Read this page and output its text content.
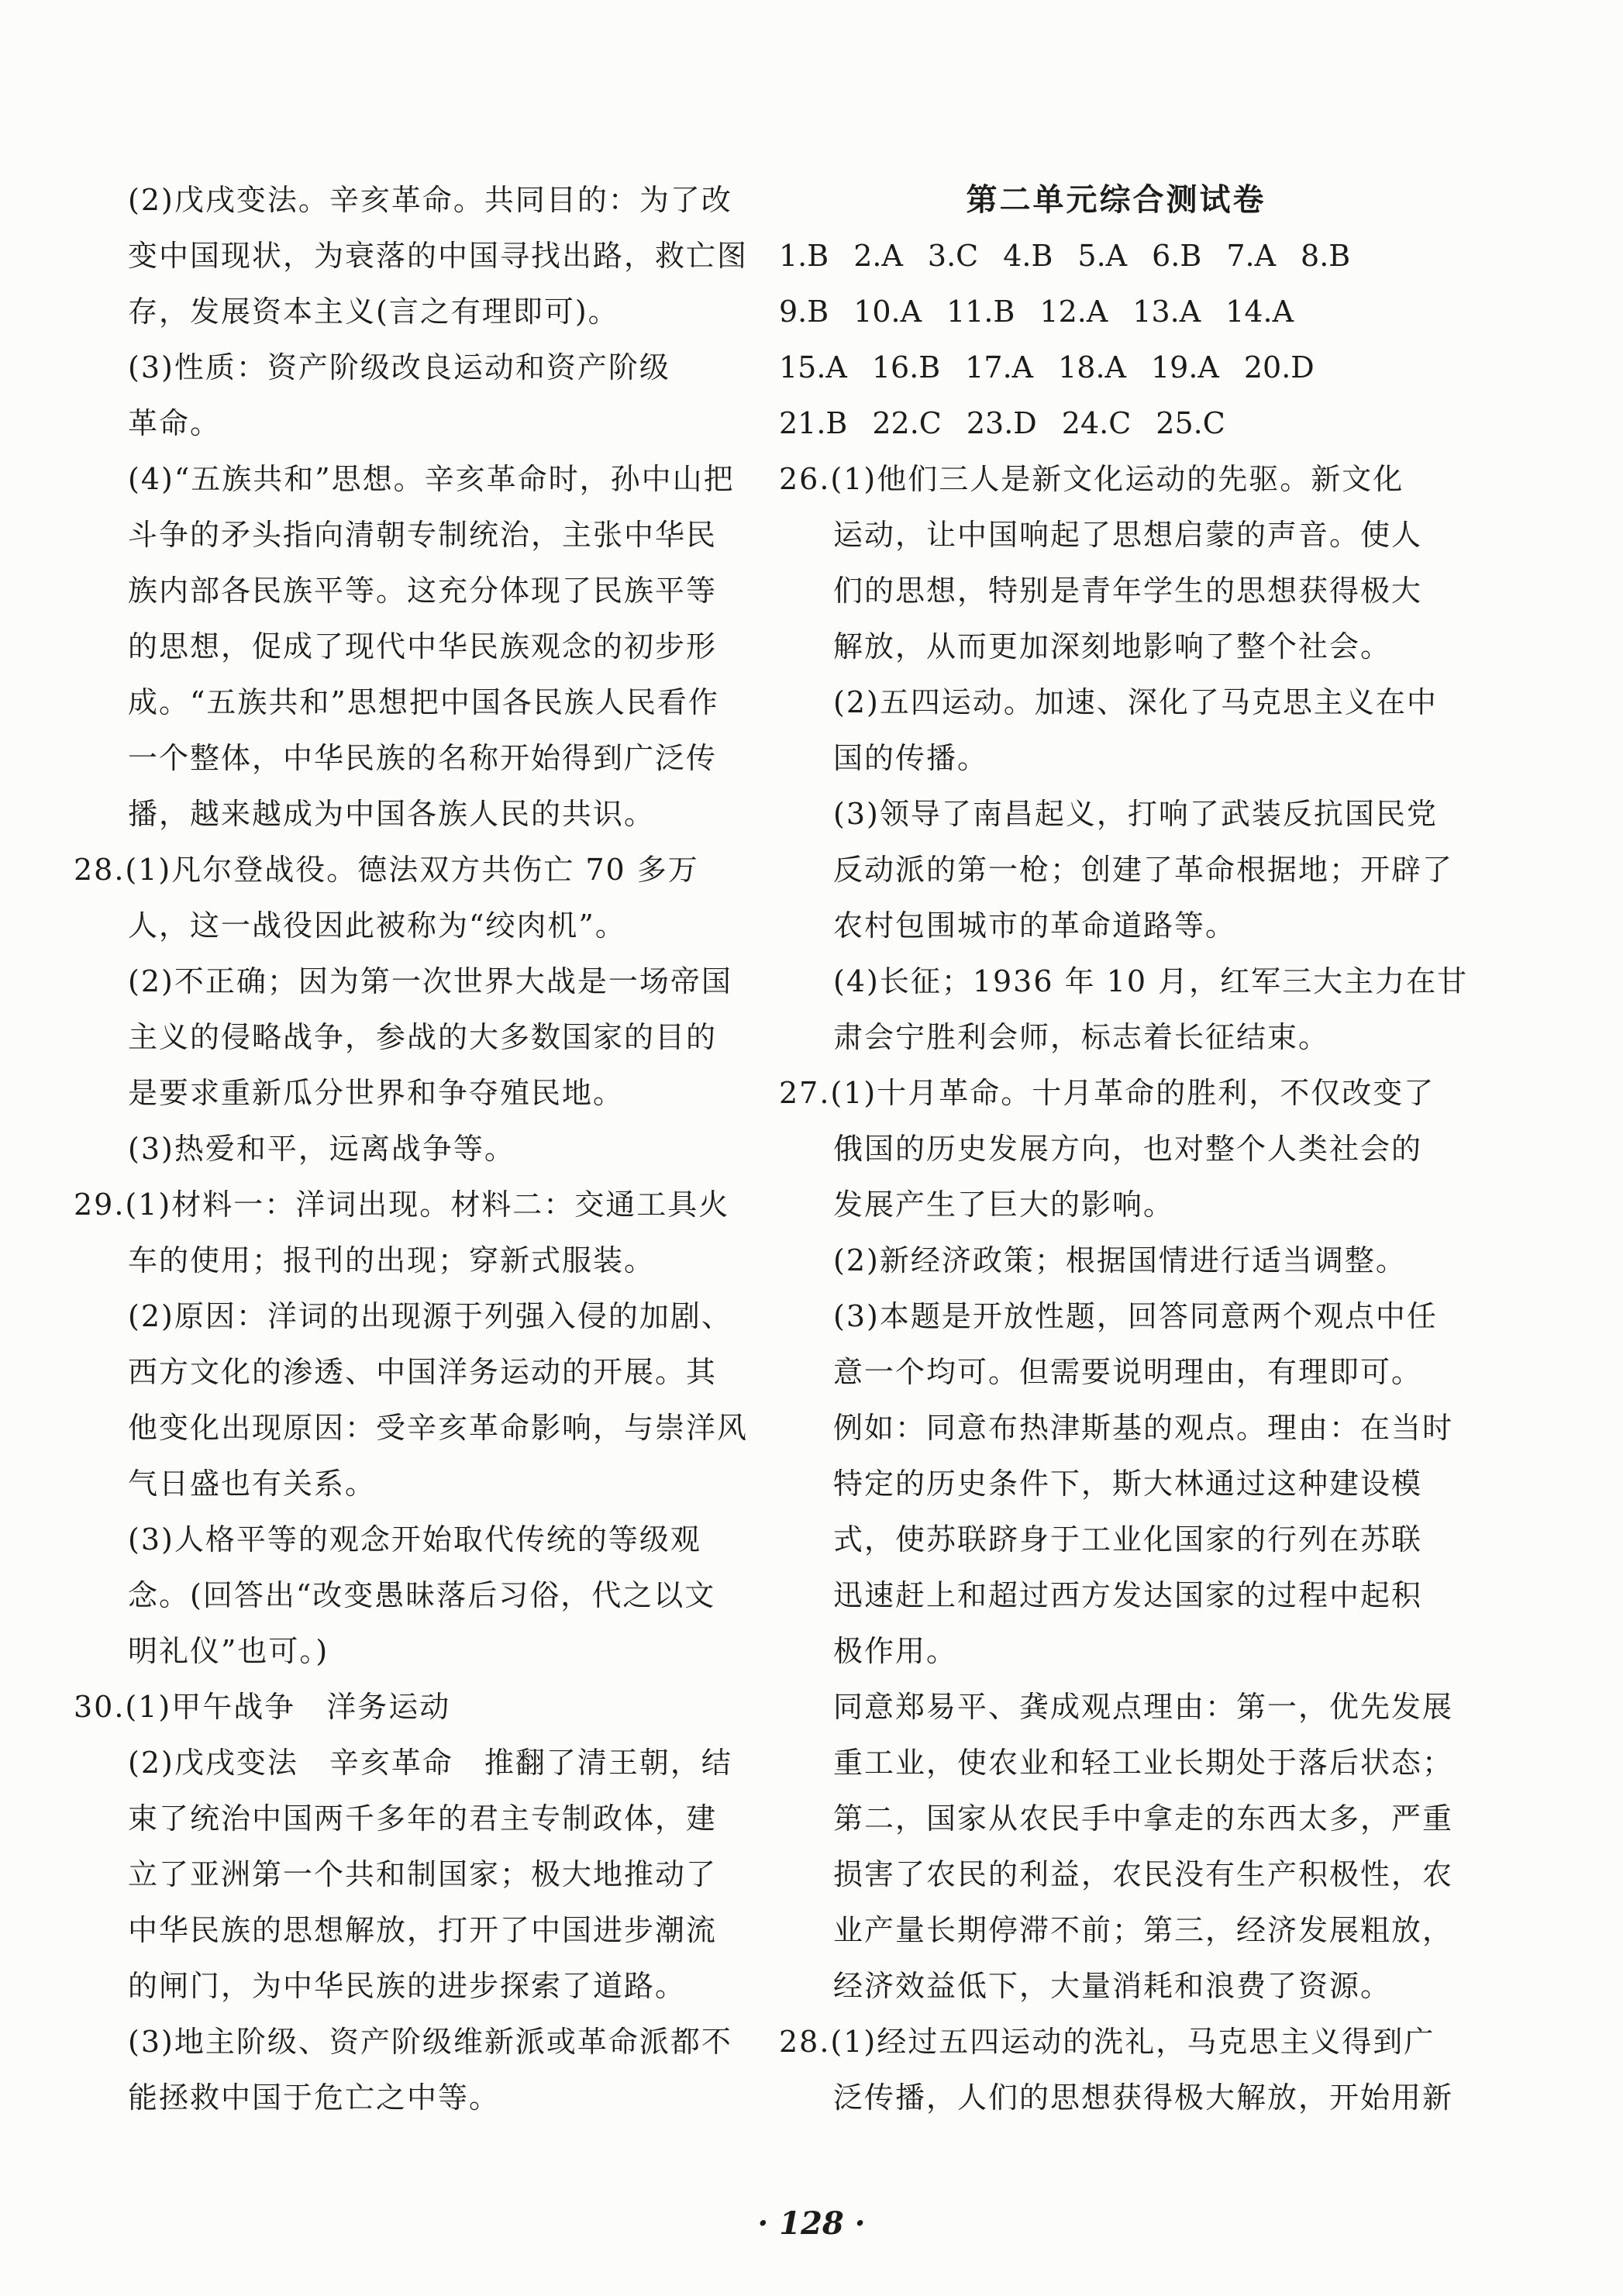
(2)戊戌变法。辛亥革命。共同目的：为了改
变中国现状，为衰落的中国寻找出路，救亡图
存，发展资本主义(言之有理即可)。
(3)性质：资产阶级改良运动和资产阶级
革命。
(4)“五族共和”思想。辛亥革命时，孙中山把
斗争的矛头指向清朝专制统治，主张中华民
族内部各民族平等。这充分体现了民族平等
的思想，促成了现代中华民族观念的初步形
成。“五族共和”思想把中国各民族人民看作
一个整体，中华民族的名称开始得到广泛传
播，越来越成为中国各族人民的共识。
28.(1)凡尔登战役。德法双方共伤亡 70 多万
人，这一战役因此被称为“绞肉机”。
(2)不正确；因为第一次世界大战是一场帝国
主义的侵略战争，参战的大多数国家的目的
是要求重新瓜分世界和争夺殖民地。
(3)热爱和平，远离战争等。
29.(1)材料一：洋词出现。材料二：交通工具火
车的使用；报刊的出现；穿新式服装。
(2)原因：洋词的出现源于列强入侵的加剧、
西方文化的渗透、中国洋务运动的开展。其
他变化出现原因：受辛亥革命影响，与崇洋风
气日盛也有关系。
(3)人格平等的观念开始取代传统的等级观
念。(回答出“改变愚昧落后习俗，代之以文
明礼仪”也可。)
30.(1)甲午战争　洋务运动
(2)戊戌变法　辛亥革命　推翻了清王朝，结
束了统治中国两千多年的君主专制政体，建
立了亚洲第一个共和制国家；极大地推动了
中华民族的思想解放，打开了中国进步潮流
的闸门，为中华民族的进步探索了道路。
(3)地主阶级、资产阶级维新派或革命派都不
能拯救中国于危亡之中等。
第二单元综合测试卷
1.B 2.A 3.C 4.B 5.A 6.B 7.A 8.B
9.B 10.A 11.B 12.A 13.A 14.A
15.A 16.B 17.A 18.A 19.A 20.D
21.B 22.C 23.D 24.C 25.C
26.(1)他们三人是新文化运动的先驱。新文化
运动，让中国响起了思想启蒙的声音。使人
们的思想，特别是青年学生的思想获得极大
解放，从而更加深刻地影响了整个社会。
(2)五四运动。加速、深化了马克思主义在中
国的传播。
(3)领导了南昌起义，打响了武装反抗国民党
反动派的第一枪；创建了革命根据地；开辟了
农村包围城市的革命道路等。
(4)长征；1936 年 10 月，红军三大主力在甘
肃会宁胜利会师，标志着长征结束。
27.(1)十月革命。十月革命的胜利，不仅改变了
俄国的历史发展方向，也对整个人类社会的
发展产生了巨大的影响。
(2)新经济政策；根据国情进行适当调整。
(3)本题是开放性题，回答同意两个观点中任
意一个均可。但需要说明理由，有理即可。
例如：同意布热津斯基的观点。理由：在当时
特定的历史条件下，斯大林通过这种建设模
式，使苏联跻身于工业化国家的行列在苏联
迅速赶上和超过西方发达国家的过程中起积
极作用。
同意郑易平、龚成观点理由：第一，优先发展
重工业，使农业和轻工业长期处于落后状态；
第二，国家从农民手中拿走的东西太多，严重
损害了农民的利益，农民没有生产积极性，农
业产量长期停滞不前；第三，经济发展粗放，
经济效益低下，大量消耗和浪费了资源。
28.(1)经过五四运动的洗礼，马克思主义得到广
泛传播，人们的思想获得极大解放，开始用新
· 128 ·
